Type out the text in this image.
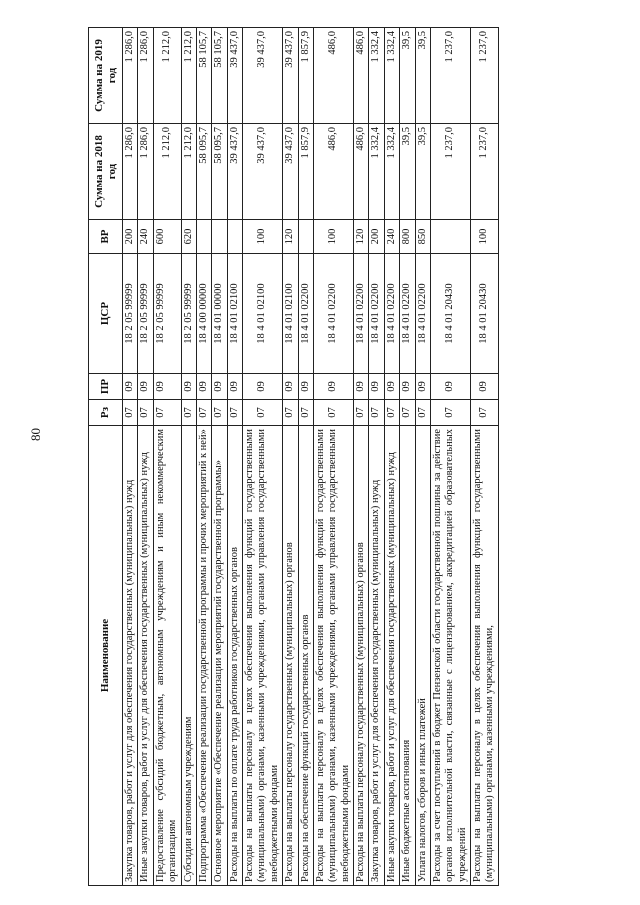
80
Наименование	Рз	ПР	ЦСР	ВР	Сумма на 2018 год	Сумма на 2019 год
Закупка товаров, работ и услуг для обеспечения государственных (муниципальных) нужд	07	09	18 2 05 99999	200	1 286,0	1 286,0
Иные закупки товаров, работ и услуг для обеспечения государственных (муниципальных) нужд	07	09	18 2 05 99999	240	1 286,0	1 286,0
Предоставление субсидий бюджетным, автономным учреждениям и иным некоммерческим организациям	07	09	18 2 05 99999	600	1 212,0	1 212,0
Субсидии автономным учреждениям	07	09	18 2 05 99999	620	1 212,0	1 212,0
Подпрограмма «Обеспечение реализации государственной программы и прочих мероприятий к ней»	07	09	18 4 00 00000		58 095,7	58 105,7
Основное мероприятие «Обеспечение реализации мероприятий государственной программы»	07	09	18 4 01 00000		58 095,7	58 105,7
Расходы на выплаты по оплате труда работников государственных органов	07	09	18 4 01 02100		39 437,0	39 437,0
Расходы на выплаты персоналу в целях обеспечения выполнения функций государственными (муниципальными) органами, казенными учреждениями, органами управления государственными внебюджетными фондами	07	09	18 4 01 02100	100	39 437,0	39 437,0
Расходы на выплаты персоналу государственных (муниципальных) органов	07	09	18 4 01 02100	120	39 437,0	39 437,0
Расходы на обеспечение функций государственных органов	07	09	18 4 01 02200		1 857,9	1 857,9
Расходы на выплаты персоналу в целях обеспечения выполнения функций государственными (муниципальными) органами, казенными учреждениями, органами управления государственными внебюджетными фондами	07	09	18 4 01 02200	100	486,0	486,0
Расходы на выплаты персоналу государственных (муниципальных) органов	07	09	18 4 01 02200	120	486,0	486,0
Закупка товаров, работ и услуг для обеспечения государственных (муниципальных) нужд	07	09	18 4 01 02200	200	1 332,4	1 332,4
Иные закупки товаров, работ и услуг для обеспечения государственных (муниципальных) нужд	07	09	18 4 01 02200	240	1 332,4	1 332,4
Иные бюджетные ассигнования	07	09	18 4 01 02200	800	39,5	39,5
Уплата налогов, сборов и иных платежей	07	09	18 4 01 02200	850	39,5	39,5
Расходы за счет поступлений в бюджет Пензенской области государственной пошлины за действие органов исполнительной власти, связанные с лицензированием, аккредитацией образовательных учреждений	07	09	18 4 01 20430		1 237,0	1 237,0
Расходы на выплаты персоналу в целях обеспечения выполнения функций государственными (муниципальными) органами, казенными учреждениями,	07	09	18 4 01 20430	100	1 237,0	1 237,0
